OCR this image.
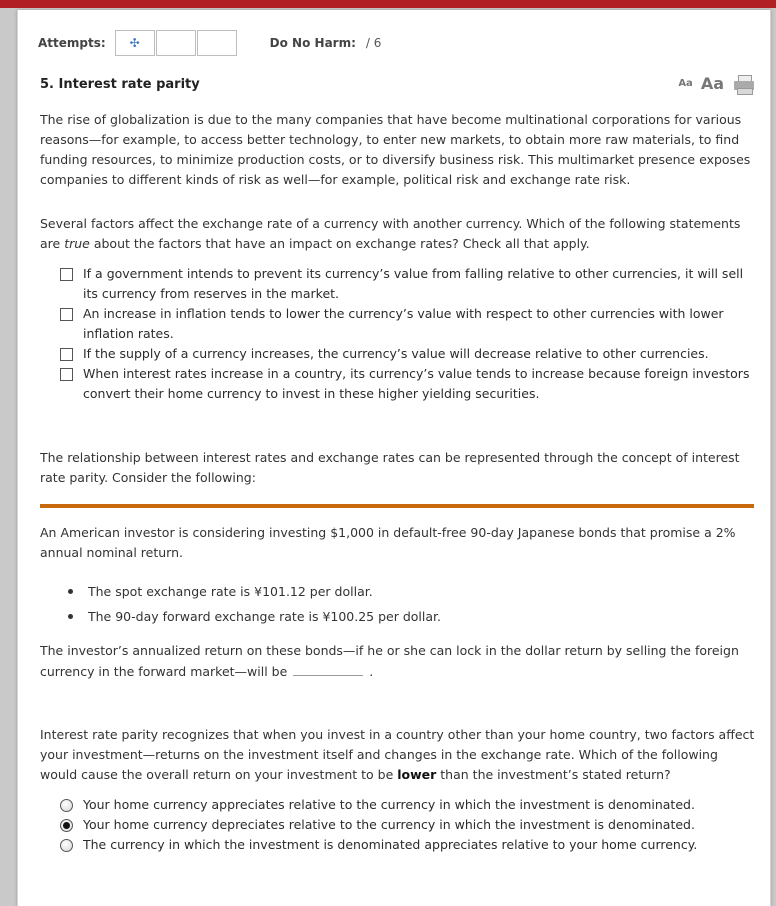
Attempts: ✣	Do No Harm: / 6
5. Interest rate parity	Aa Aa
The rise of globalization is due to the many companies that have become multinational corporations for various reasons—for example, to access better technology, to enter new markets, to obtain more raw materials, to find funding resources, to minimize production costs, or to diversify business risk. This multimarket presence exposes companies to different kinds of risk as well—for example, political risk and exchange rate risk.
Several factors affect the exchange rate of a currency with another currency. Which of the following statements are true about the factors that have an impact on exchange rates? Check all that apply.
If a government intends to prevent its currency’s value from falling relative to other currencies, it will sell its currency from reserves in the market.
An increase in inflation tends to lower the currency’s value with respect to other currencies with lower inflation rates.
If the supply of a currency increases, the currency’s value will decrease relative to other currencies.
When interest rates increase in a country, its currency’s value tends to increase because foreign investors convert their home currency to invest in these higher yielding securities.
The relationship between interest rates and exchange rates can be represented through the concept of interest rate parity. Consider the following:
An American investor is considering investing $1,000 in default-free 90-day Japanese bonds that promise a 2% annual nominal return.
The spot exchange rate is ¥101.12 per dollar.
The 90-day forward exchange rate is ¥100.25 per dollar.
The investor’s annualized return on these bonds—if he or she can lock in the dollar return by selling the foreign currency in the forward market—will be	.
Interest rate parity recognizes that when you invest in a country other than your home country, two factors affect your investment—returns on the investment itself and changes in the exchange rate. Which of the following would cause the overall return on your investment to be lower than the investment’s stated return?
Your home currency appreciates relative to the currency in which the investment is denominated.
Your home currency depreciates relative to the currency in which the investment is denominated.
The currency in which the investment is denominated appreciates relative to your home currency.
